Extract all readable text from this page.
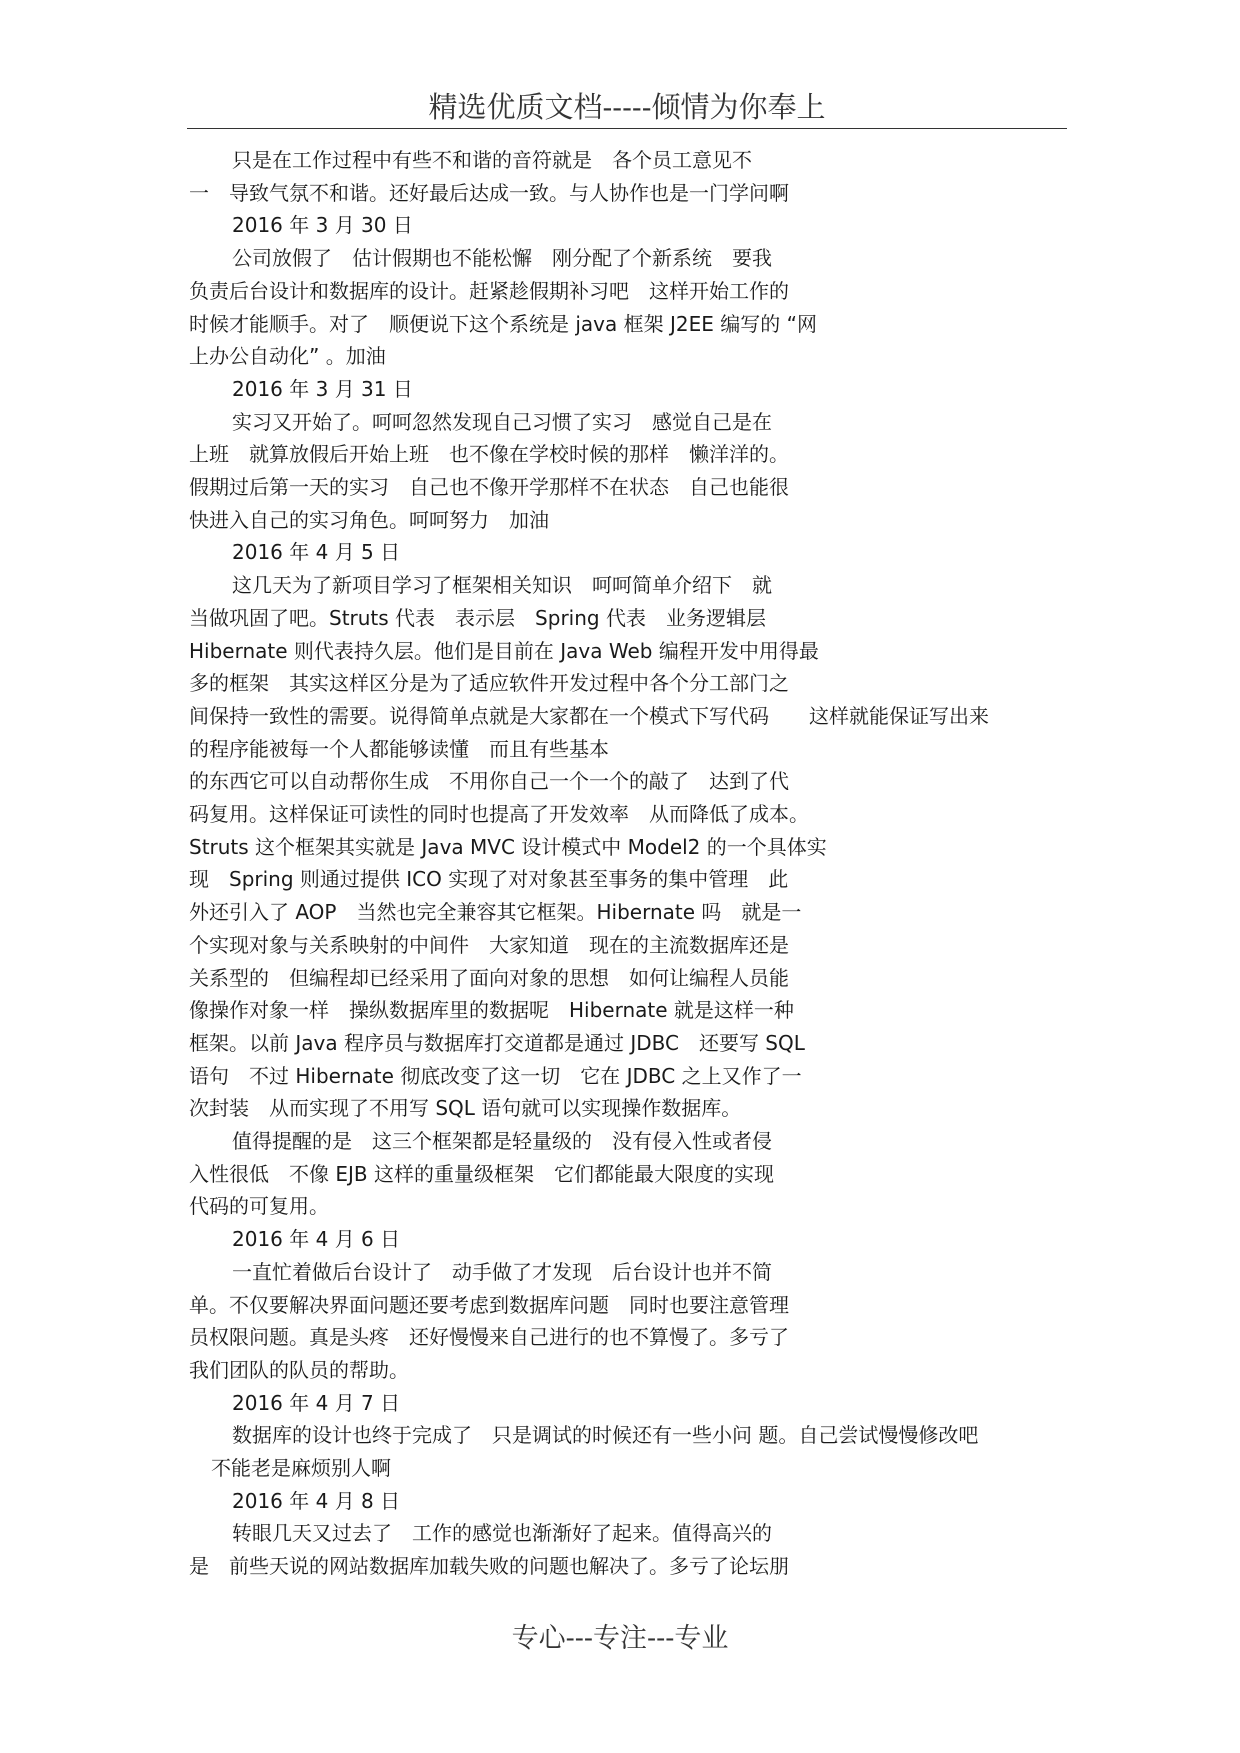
精选优质文档-----倾情为你奉上
只是在工作过程中有些不和谐的音符就是　各个员工意见不
一　导致气氛不和谐。还好最后达成一致。与人协作也是一门学问啊
2016 年 3 月 30 日
公司放假了　估计假期也不能松懈　刚分配了个新系统　要我
负责后台设计和数据库的设计。赶紧趁假期补习吧　这样开始工作的
时候才能顺手。对了　顺便说下这个系统是 java 框架 J2EE 编写的 “网
上办公自动化” 。加油
2016 年 3 月 31 日
实习又开始了。呵呵忽然发现自己习惯了实习　感觉自己是在
上班　就算放假后开始上班　也不像在学校时候的那样　懒洋洋的。
假期过后第一天的实习　自己也不像开学那样不在状态　自己也能很
快进入自己的实习角色。呵呵努力　加油
2016 年 4 月 5 日
这几天为了新项目学习了框架相关知识　呵呵简单介绍下　就
当做巩固了吧。Struts 代表　表示层　Spring 代表　业务逻辑层
Hibernate 则代表持久层。他们是目前在 Java Web 编程开发中用得最
多的框架　其实这样区分是为了适应软件开发过程中各个分工部门之
间保持一致性的需要。说得简单点就是大家都在一个模式下写代码　　这样就能保证写出来
的程序能被每一个人都能够读懂　而且有些基本
的东西它可以自动帮你生成　不用你自己一个一个的敲了　达到了代
码复用。这样保证可读性的同时也提高了开发效率　从而降低了成本。
Struts 这个框架其实就是 Java MVC 设计模式中 Model2 的一个具体实
现　Spring 则通过提供 ICO 实现了对对象甚至事务的集中管理　此
外还引入了 AOP　当然也完全兼容其它框架。Hibernate 吗　就是一
个实现对象与关系映射的中间件　大家知道　现在的主流数据库还是
关系型的　但编程却已经采用了面向对象的思想　如何让编程人员能
像操作对象一样　操纵数据库里的数据呢　Hibernate 就是这样一种
框架。以前 Java 程序员与数据库打交道都是通过 JDBC　还要写 SQL
语句　不过 Hibernate 彻底改变了这一切　它在 JDBC 之上又作了一
次封装　从而实现了不用写 SQL 语句就可以实现操作数据库。
值得提醒的是　这三个框架都是轻量级的　没有侵入性或者侵
入性很低　不像 EJB 这样的重量级框架　它们都能最大限度的实现
代码的可复用。
2016 年 4 月 6 日
一直忙着做后台设计了　动手做了才发现　后台设计也并不简
单。不仅要解决界面问题还要考虑到数据库问题　同时也要注意管理
员权限问题。真是头疼　还好慢慢来自己进行的也不算慢了。多亏了
我们团队的队员的帮助。
2016 年 4 月 7 日
数据库的设计也终于完成了　只是调试的时候还有一些小问 题。自己尝试慢慢修改吧
不能老是麻烦别人啊
2016 年 4 月 8 日
转眼几天又过去了　工作的感觉也渐渐好了起来。值得高兴的
是　前些天说的网站数据库加载失败的问题也解决了。多亏了论坛朋
专心---专注---专业
